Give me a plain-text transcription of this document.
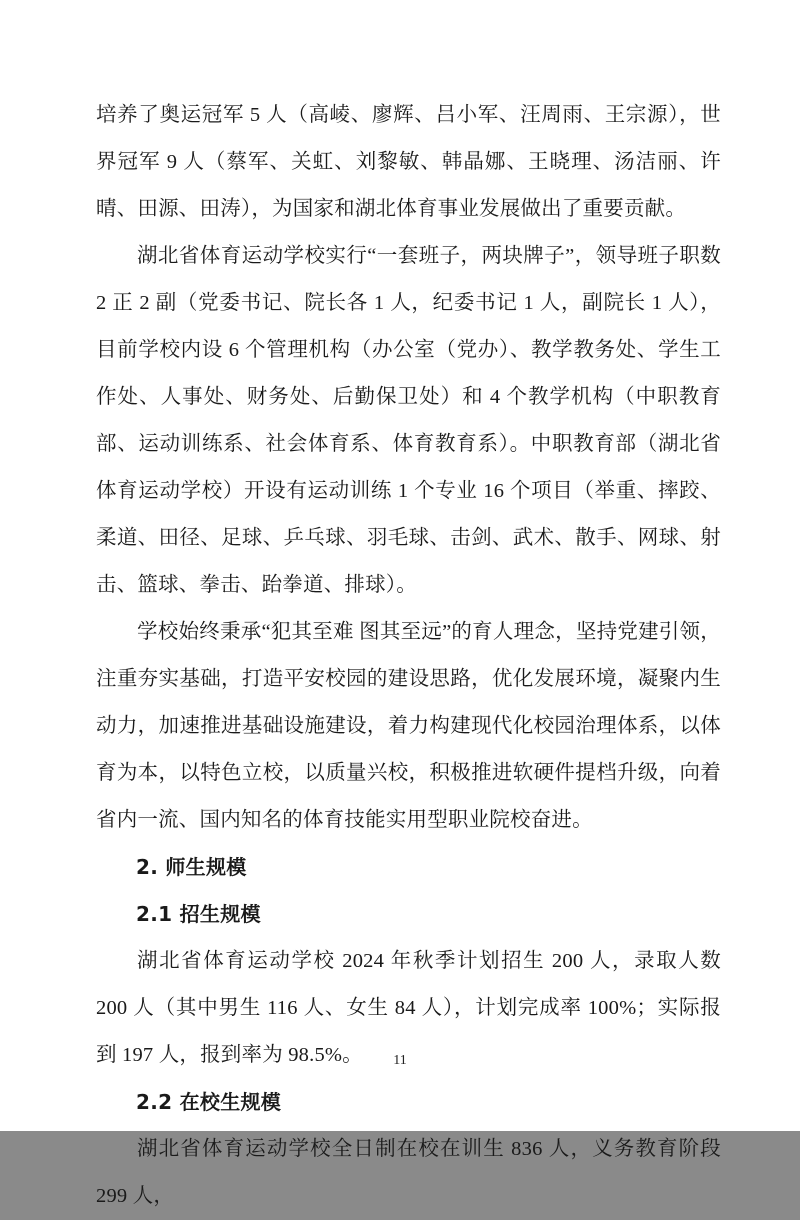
培养了奥运冠军 5 人（高崚、廖辉、吕小军、汪周雨、王宗源），世界冠军 9 人（蔡军、关虹、刘黎敏、韩晶娜、王晓理、汤洁丽、许晴、田源、田涛），为国家和湖北体育事业发展做出了重要贡献。

湖北省体育运动学校实行“一套班子，两块牌子”，领导班子职数 2 正 2 副（党委书记、院长各 1 人，纪委书记 1 人，副院长 1 人），目前学校内设 6 个管理机构（办公室（党办）、教学教务处、学生工作处、人事处、财务处、后勤保卫处）和 4 个教学机构（中职教育部、运动训练系、社会体育系、体育教育系）。中职教育部（湖北省体育运动学校）开设有运动训练 1 个专业 16 个项目（举重、摔跤、柔道、田径、足球、乒乓球、羽毛球、击剑、武术、散手、网球、射击、篮球、拳击、跆拳道、排球）。

学校始终秉承“犯其至难 图其至远”的育人理念，坚持党建引领，注重夯实基础，打造平安校园的建设思路，优化发展环境，凝聚内生动力，加速推进基础设施建设，着力构建现代化校园治理体系，以体育为本，以特色立校，以质量兴校，积极推进软硬件提档升级，向着省内一流、国内知名的体育技能实用型职业院校奋进。

2. 师生规模
2.1 招生规模

湖北省体育运动学校 2024 年秋季计划招生 200 人，录取人数 200 人（其中男生 116 人、女生 84 人），计划完成率 100%；实际报到 197 人，报到率为 98.5%。

2.2 在校生规模

湖北省体育运动学校全日制在校在训生 836 人，义务教育阶段 299 人，

11
